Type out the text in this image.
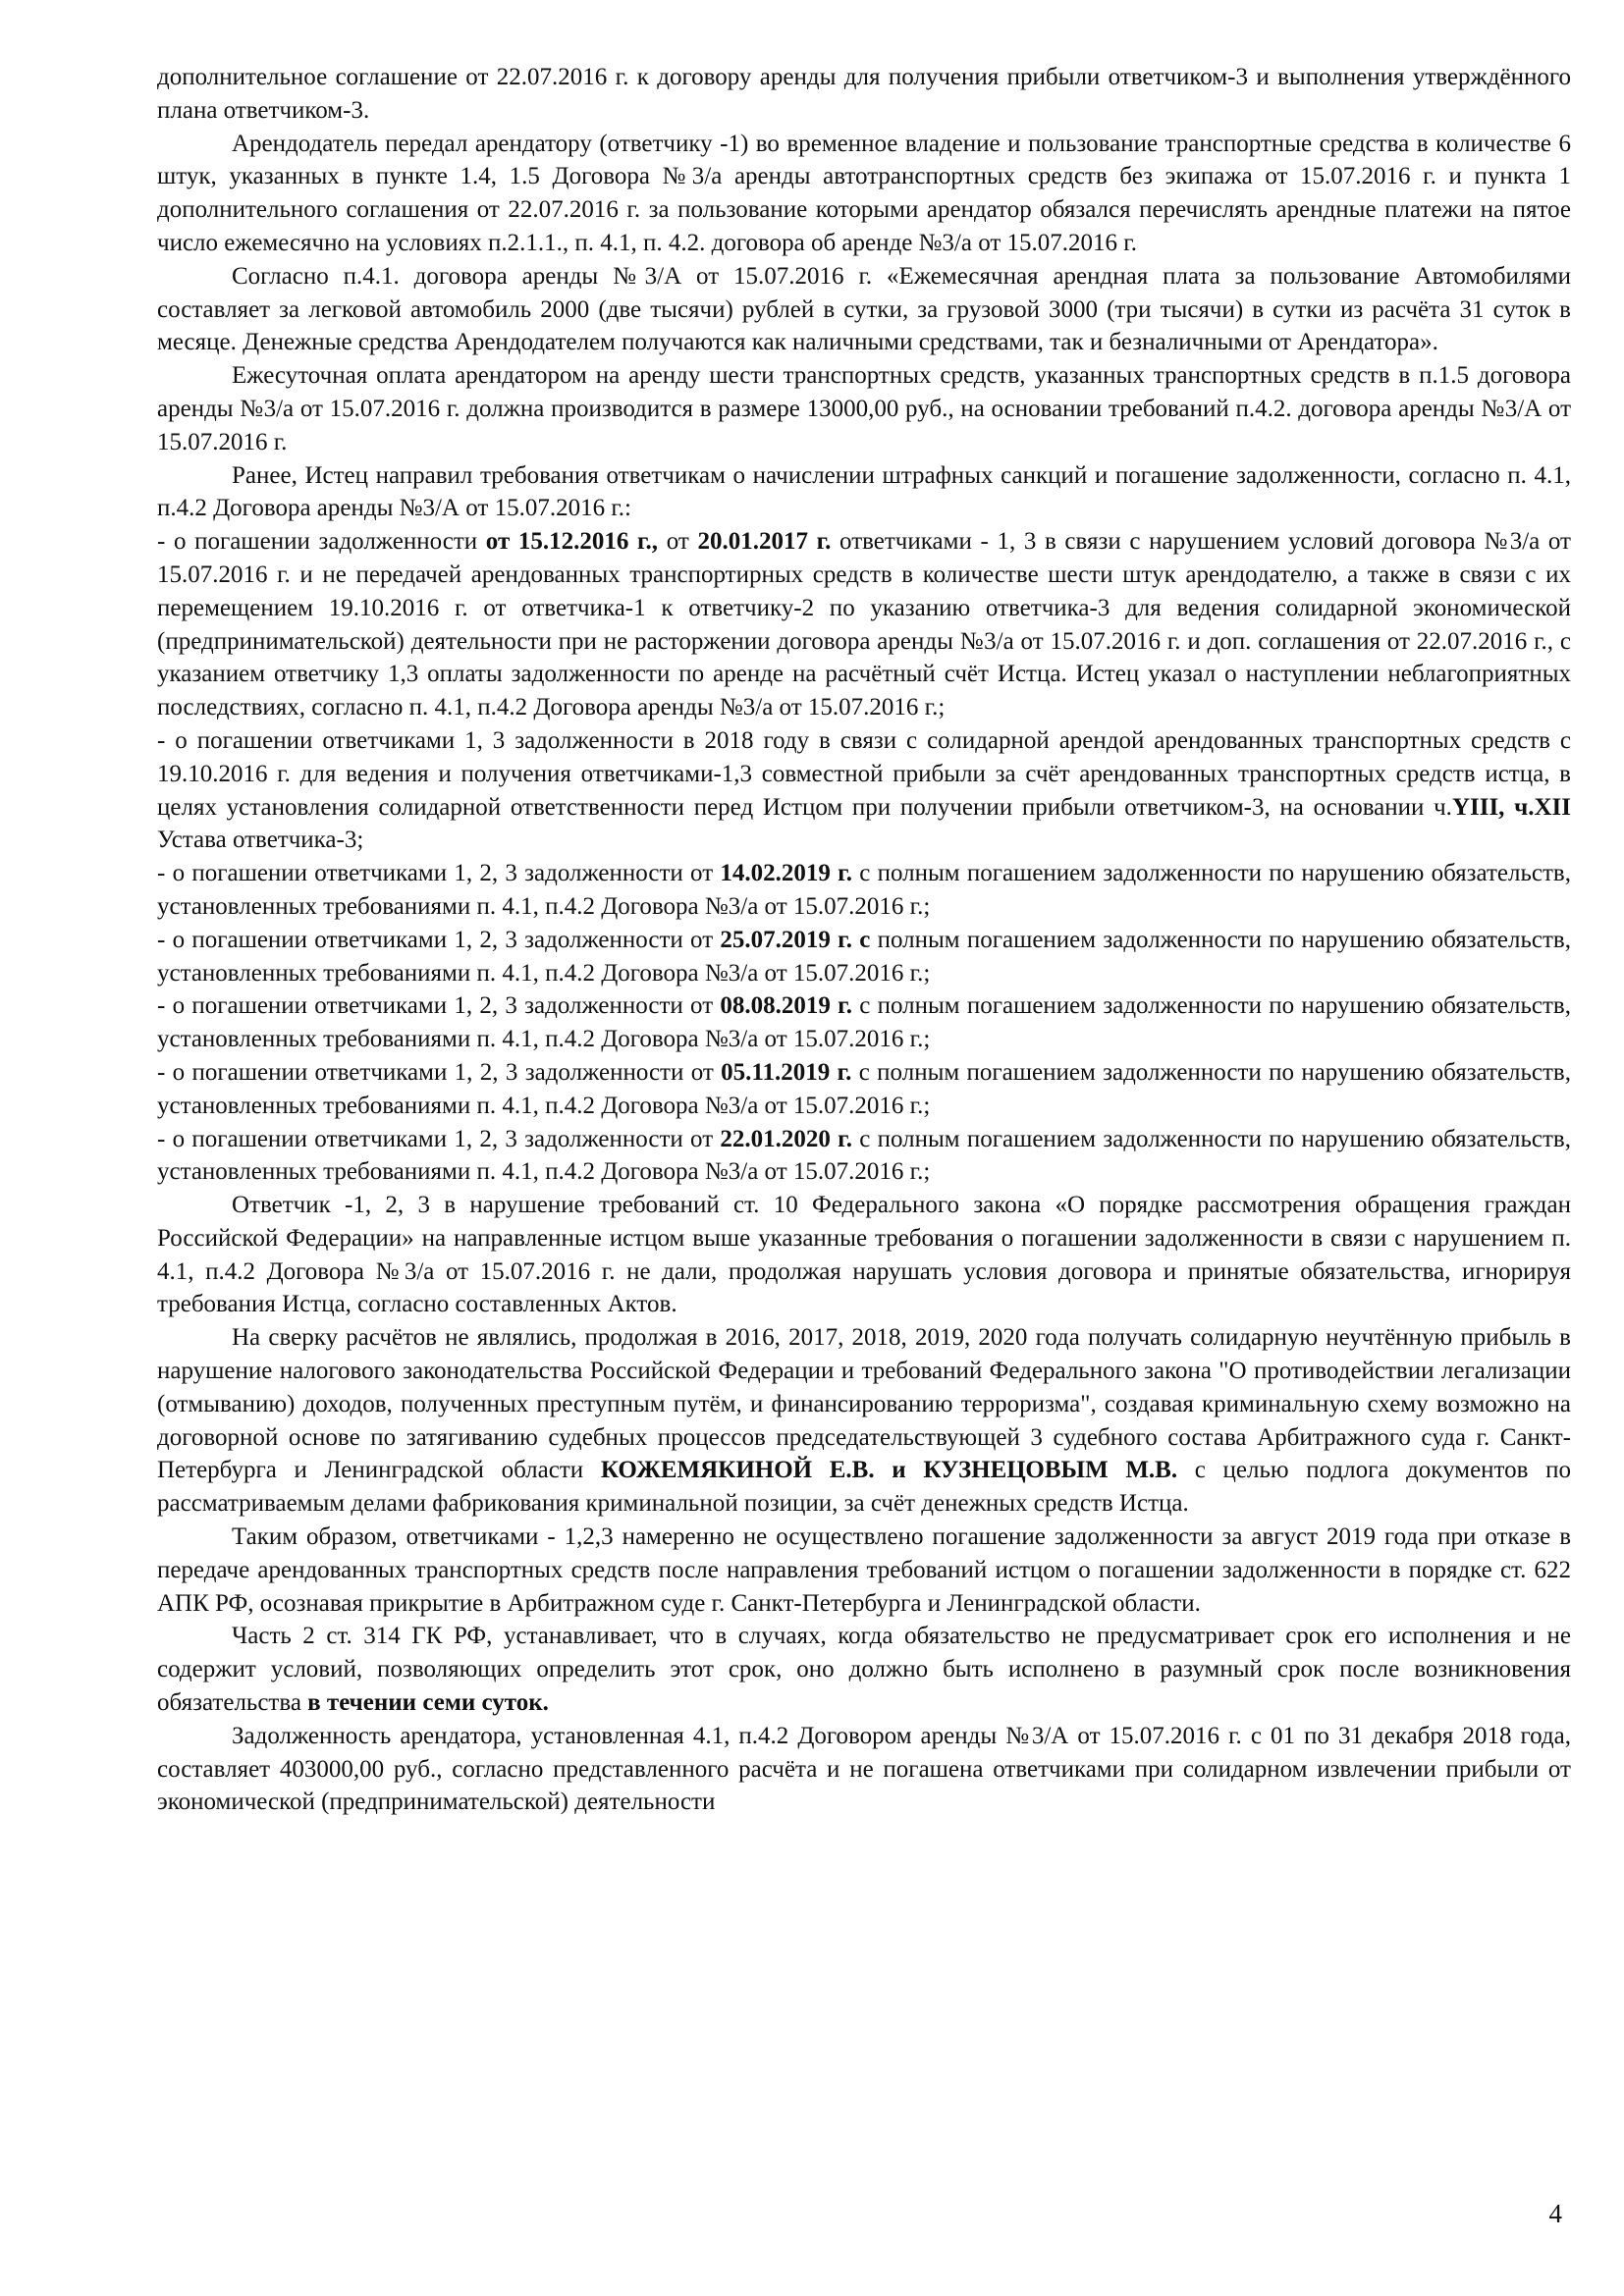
дополнительное соглашение от 22.07.2016 г. к договору аренды для получения прибыли ответчиком-3 и выполнения утверждённого плана ответчиком-3.

Арендодатель передал арендатору (ответчику -1) во временное владение и пользование транспортные средства в количестве 6 штук, указанных в пункте 1.4, 1.5 Договора №3/а аренды автотранспортных средств без экипажа от 15.07.2016 г. и пункта 1 дополнительного соглашения от 22.07.2016 г. за пользование которыми арендатор обязался перечислять арендные платежи на пятое число ежемесячно на условиях п.2.1.1., п. 4.1, п. 4.2. договора об аренде №3/а от 15.07.2016 г.

Согласно п.4.1. договора аренды №3/А от 15.07.2016 г. «Ежемесячная арендная плата за пользование Автомобилями составляет за легковой автомобиль 2000 (две тысячи) рублей в сутки, за грузовой 3000 (три тысячи) в сутки из расчёта 31 суток в месяце. Денежные средства Арендодателем получаются как наличными средствами, так и безналичными от Арендатора».

Ежесуточная оплата арендатором на аренду шести транспортных средств, указанных транспортных средств в п.1.5 договора аренды №3/а от 15.07.2016 г. должна производится в размере 13000,00 руб., на основании требований п.4.2. договора аренды №3/А от 15.07.2016 г.

Ранее, Истец направил требования ответчикам о начислении штрафных санкций и погашение задолженности, согласно п. 4.1, п.4.2 Договора аренды №3/А от 15.07.2016 г.:

- о погашении задолженности от 15.12.2016 г., от 20.01.2017 г. ответчиками - 1, 3 в связи с нарушением условий договора №3/а от 15.07.2016 г. и не передачей арендованных транспортирных средств в количестве шести штук арендодателю, а также в связи с их перемещением 19.10.2016 г. от ответчика-1 к ответчику-2 по указанию ответчика-3 для ведения солидарной экономической (предпринимательской) деятельности при не расторжении договора аренды №3/а от 15.07.2016 г. и доп. соглашения от 22.07.2016 г., с указанием ответчику 1,3 оплаты задолженности по аренде на расчётный счёт Истца. Истец указал о наступлении неблагоприятных последствиях, согласно п. 4.1, п.4.2 Договора аренды №3/а от 15.07.2016 г.;

- о погашении ответчиками 1, 3 задолженности в 2018 году в связи с солидарной арендой арендованных транспортных средств с 19.10.2016 г. для ведения и получения ответчиками-1,3 совместной прибыли за счёт арендованных транспортных средств истца, в целях установления солидарной ответственности перед Истцом при получении прибыли ответчиком-3, на основании ч.YIII, ч.XII Устава ответчика-3;

- о погашении ответчиками 1, 2, 3 задолженности от 14.02.2019 г. с полным погашением задолженности по нарушению обязательств, установленных требованиями п. 4.1, п.4.2 Договора №3/а от 15.07.2016 г.;

- о погашении ответчиками 1, 2, 3 задолженности от 25.07.2019 г. с полным погашением задолженности по нарушению обязательств, установленных требованиями п. 4.1, п.4.2 Договора №3/а от 15.07.2016 г.;

- о погашении ответчиками 1, 2, 3 задолженности от 08.08.2019 г. с полным погашением задолженности по нарушению обязательств, установленных требованиями п. 4.1, п.4.2 Договора №3/а от 15.07.2016 г.;

- о погашении ответчиками 1, 2, 3 задолженности от 05.11.2019 г. с полным погашением задолженности по нарушению обязательств, установленных требованиями п. 4.1, п.4.2 Договора №3/а от 15.07.2016 г.;

- о погашении ответчиками 1, 2, 3 задолженности от 22.01.2020 г. с полным погашением задолженности по нарушению обязательств, установленных требованиями п. 4.1, п.4.2 Договора №3/а от 15.07.2016 г.;

Ответчик -1, 2, 3 в нарушение требований ст. 10 Федерального закона «О порядке рассмотрения обращения граждан Российской Федерации» на направленные истцом выше указанные требования о погашении задолженности в связи с нарушением п. 4.1, п.4.2 Договора №3/а от 15.07.2016 г. не дали, продолжая нарушать условия договора и принятые обязательства, игнорируя требования Истца, согласно составленных Актов.

На сверку расчётов не являлись, продолжая в 2016, 2017, 2018, 2019, 2020 года получать солидарную неучтённую прибыль в нарушение налогового законодательства Российской Федерации и требований Федерального закона "О противодействии легализации (отмыванию) доходов, полученных преступным путём, и финансированию терроризма", создавая криминальную схему возможно на договорной основе по затягиванию судебных процессов председательствующей 3 судебного состава Арбитражного суда г. Санкт-Петербурга и Ленинградской области КОЖЕМЯКИНОЙ Е.В. и КУЗНЕЦОВЫМ М.В. с целью подлога документов по рассматриваемым делами фабрикования криминальной позиции, за счёт денежных средств Истца.

Таким образом, ответчиками - 1,2,3 намеренно не осуществлено погашение задолженности за август 2019 года при отказе в передаче арендованных транспортных средств после направления требований истцом о погашении задолженности в порядке ст. 622 АПК РФ, осознавая прикрытие в Арбитражном суде г. Санкт-Петербурга и Ленинградской области.

Часть 2 ст. 314 ГК РФ, устанавливает, что в случаях, когда обязательство не предусматривает срок его исполнения и не содержит условий, позволяющих определить этот срок, оно должно быть исполнено в разумный срок после возникновения обязательства в течении семи суток.

Задолженность арендатора, установленная 4.1, п.4.2 Договором аренды №3/А от 15.07.2016 г. с 01 по 31 декабря 2018 года, составляет 403000,00 руб., согласно представленного расчёта и не погашена ответчиками при солидарном извлечении прибыли от экономической (предпринимательской) деятельности

4
